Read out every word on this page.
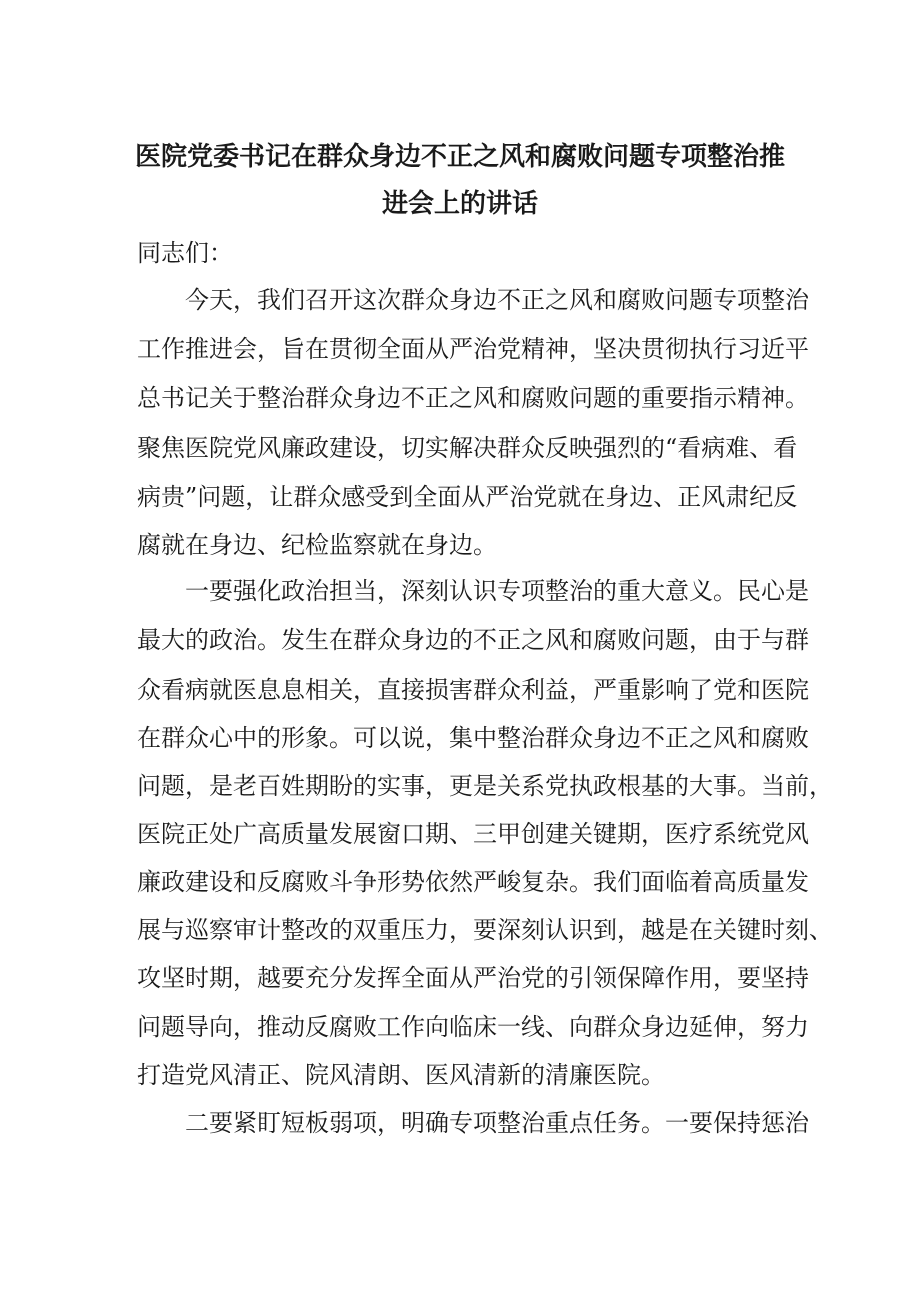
医院党委书记在群众身边不正之风和腐败问题专项整治推
进会上的讲话
同志们：
今天，我们召开这次群众身边不正之风和腐败问题专项整治
工作推进会，旨在贯彻全面从严治党精神，坚决贯彻执行习近平
总书记关于整治群众身边不正之风和腐败问题的重要指示精神。
聚焦医院党风廉政建设，切实解决群众反映强烈的“看病难、看
病贵”问题，让群众感受到全面从严治党就在身边、正风肃纪反
腐就在身边、纪检监察就在身边。
一要强化政治担当，深刻认识专项整治的重大意义。民心是
最大的政治。发生在群众身边的不正之风和腐败问题，由于与群
众看病就医息息相关，直接损害群众利益，严重影响了党和医院
在群众心中的形象。可以说，集中整治群众身边不正之风和腐败
问题，是老百姓期盼的实事，更是关系党执政根基的大事。当前，
医院正处广高质量发展窗口期、三甲创建关键期，医疗系统党风
廉政建设和反腐败斗争形势依然严峻复杂。我们面临着高质量发
展与巡察审计整改的双重压力，要深刻认识到，越是在关键时刻、
攻坚时期，越要充分发挥全面从严治党的引领保障作用，要坚持
问题导向，推动反腐败工作向临床一线、向群众身边延伸，努力
打造党风清正、院风清朗、医风清新的清廉医院。
二要紧盯短板弱项，明确专项整治重点任务。一要保持惩治
